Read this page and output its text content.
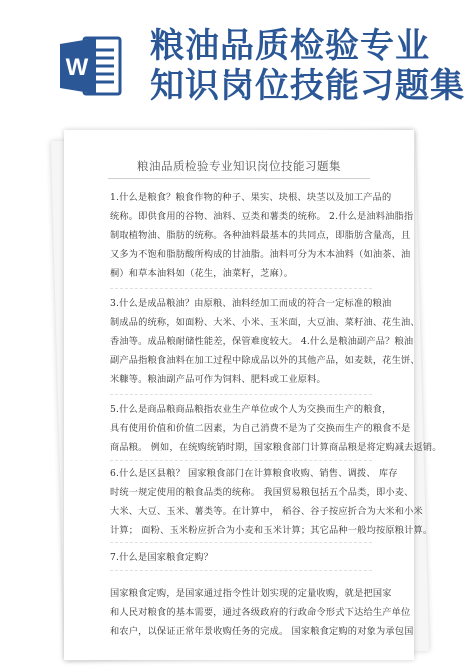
W
粮油品质检验专业
知识岗位技能习题集
粮油品质检验专业知识岗位技能习题集
1.什么是粮食？粮食作物的种子、果实、块根、块茎以及加工产品的
统称。即供食用的谷物、油料、豆类和薯类的统称。 2.什么是油料油脂指
制取植物油、脂肪的统称。各种油料最基本的共同点，即脂肪含量高，且
又多为不饱和脂肪酸所构成的甘油脂。油料可分为木本油料（如油茶、油
桐）和草本油料如（花生，油菜籽，芝麻）。
3.什么是成品粮油？由原粮、油料经加工而成的符合一定标准的粮油
制成品的统称，如面粉、大米、小米、玉米面，大豆油、菜籽油、花生油、
香油等。成品粮耐储性能差，保管难度较大。 4.什么是粮油副产品？粮油
副产品指粮食油料在加工过程中除成品以外的其他产品，如麦麸，花生饼、
米糠等。粮油副产品可作为饲料、肥料或工业原料。
5.什么是商品粮商品粮指农业生产单位或个人为交换而生产的粮食，
具有使用价值和价值二因素，为自己消费不是为了交换而生产的粮食不是
商品粮。 例如，在统购统销时期，国家粮食部门计算商品粮是将定购减去返销。
6.什么是区县粮？ 国家粮食部门在计算粮食收购、销售、调拨、 库存
时统一规定使用的粮食品类的统称。 我国贸易粮包括五个品类，即小麦、
大米、大豆、玉米、薯类等。在计算中， 稻谷、谷子按应折合为大米和小米
计算； 面粉、玉米粉应折合为小麦和玉米计算；其它品种一般均按原粮计算。
7.什么是国家粮食定购？
国家粮食定购，是国家通过指令性计划实现的定量收购，就是把国家
和人民对粮食的基本需要，通过各级政府的行政命令形式下达给生产单位
和农户，以保证正常年景收购任务的完成。 国家粮食定购的对象为承包国
